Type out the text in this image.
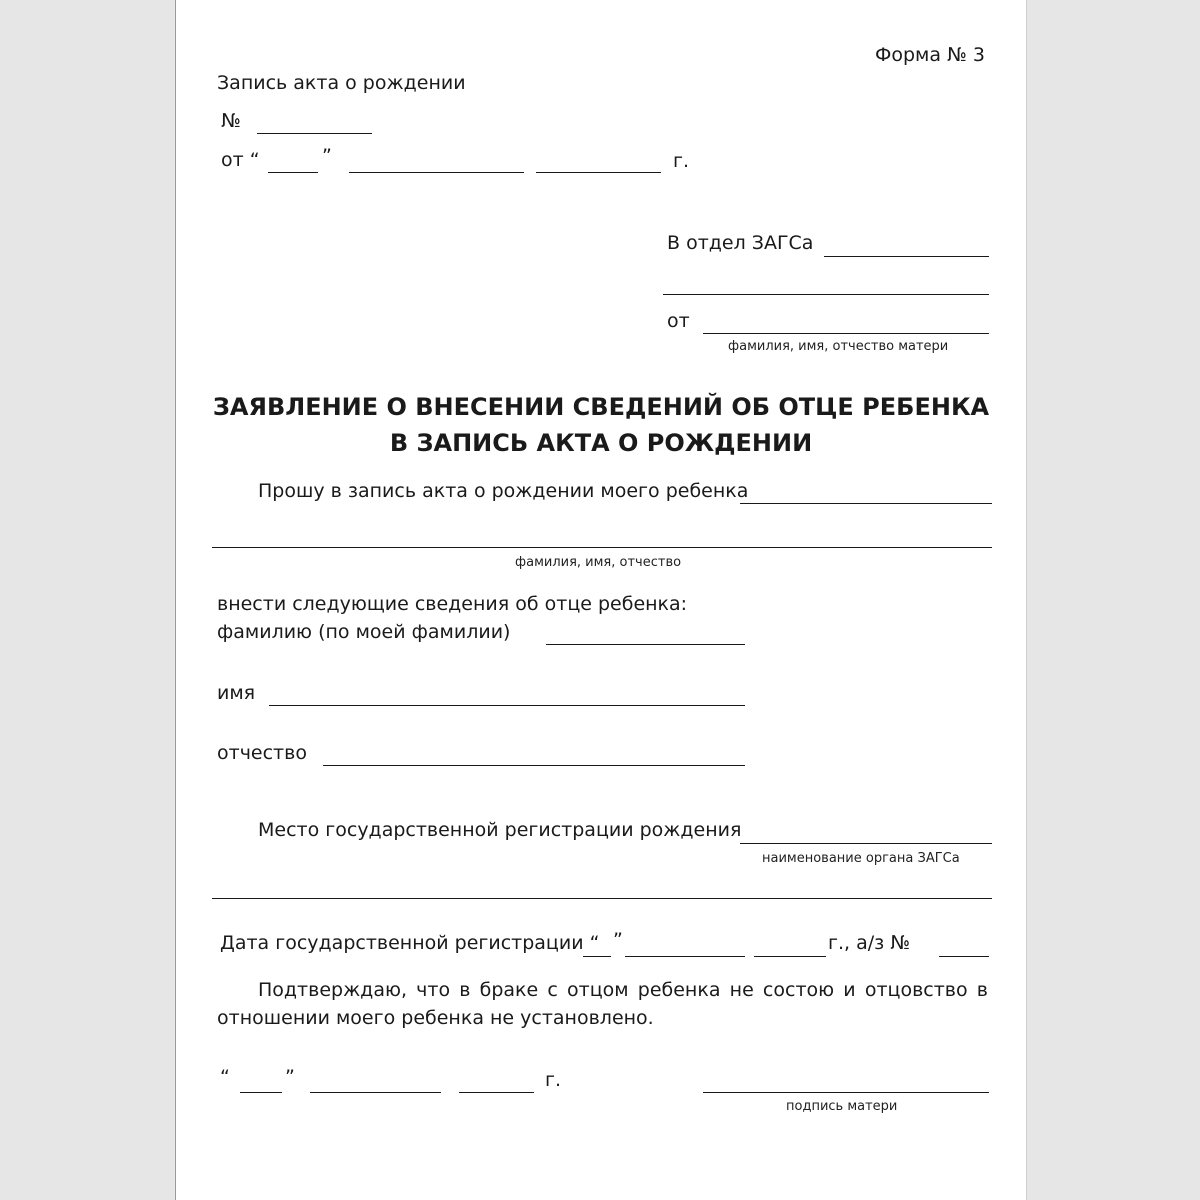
Форма № 3
Запись акта о рождении
№
от “	”	г.
В отдел ЗАГСа
от
фамилия, имя, отчество матери
ЗАЯВЛЕНИЕ О ВНЕСЕНИИ СВЕДЕНИЙ ОБ ОТЦЕ РЕБЕНКА
В ЗАПИСЬ АКТА О РОЖДЕНИИ
Прошу в запись акта о рождении моего ребенка
фамилия, имя, отчество
внести следующие сведения об отце ребенка:
фамилию (по моей фамилии)
имя
отчество
Место государственной регистрации рождения
наименование органа ЗАГСа
Дата государственной регистрации “ ”	г., а/з №
Подтверждаю, что в браке с отцом ребенка не состою и отцовство в отношении моего ребенка не установлено.
“	”	г.
подпись матери
